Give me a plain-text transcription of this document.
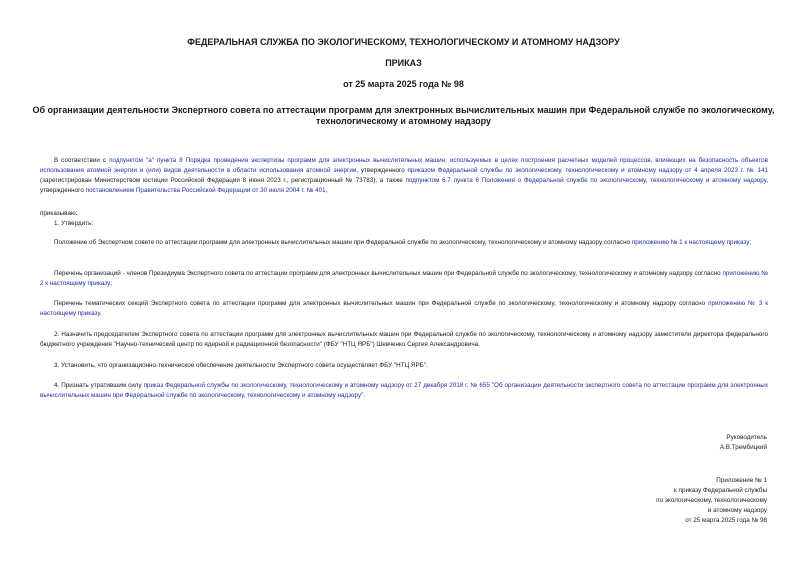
ФЕДЕРАЛЬНАЯ СЛУЖБА ПО ЭКОЛОГИЧЕСКОМУ, ТЕХНОЛОГИЧЕСКОМУ И АТОМНОМУ НАДЗОРУ
ПРИКАЗ
от 25 марта 2025 года № 98
Об организации деятельности Экспертного совета по аттестации программ для электронных вычислительных машин при Федеральной службе по экологическому, технологическому и атомному надзору
В соответствии с подпунктом "а" пункта 8 Порядка проведения экспертизы программ для электронных вычислительных машин, используемых в целях построения расчетных моделей процессов, влияющих на безопасность объектов использования атомной энергии и (или) видов деятельности в области использования атомной энергии, утвержденного приказом Федеральной службы по экологическому, технологическому и атомному надзору от 4 апреля 2023 г. № 141 (зарегистрирован Министерством юстиции Российской Федерации 8 июня 2023 г., регистрационный № 73783), а также подпунктом 6.7 пункта 6 Положения о Федеральной службе по экологическому, технологическому и атомному надзору, утвержденного постановлением Правительства Российской Федерации от 30 июля 2004 г. № 401,
приказываю:
1. Утвердить:
Положение об Экспертном совете по аттестации программ для электронных вычислительных машин при Федеральной службе по экологическому, технологическому и атомному надзору согласно приложению № 1 к настоящему приказу;
Перечень организаций - членов Президиума Экспертного совета по аттестации программ для электронных вычислительных машин при Федеральной службе по экологическому, технологическому и атомному надзору согласно приложению № 2 к настоящему приказу;
Перечень тематических секций Экспертного совета по аттестации программ для электронных вычислительных машин при Федеральной службе по экологическому, технологическому и атомному надзору согласно приложению № 3 к настоящему приказу.
2. Назначить председателем Экспертного совета по аттестации программ для электронных вычислительных машин при Федеральной службе по экологическому, технологическому и атомному надзору заместителя директора федерального бюджетного учреждения "Научно-технический центр по ядерной и радиационной безопасности" (ФБУ "НТЦ ЯРБ") Шевченко Сергея Александровича.
3. Установить, что организационно-техническое обеспечение деятельности Экспертного совета осуществляет ФБУ "НТЦ ЯРБ".
4. Признать утратившим силу приказ Федеральной службы по экологическому, технологическому и атомному надзору от 27 декабря 2018 г. № 655 "Об организации деятельности экспертного совета по аттестации программ для электронных вычислительных машин при Федеральной службе по экологическому, технологическому и атомному надзору".
Руководитель
А.В.Трембицкий
Приложение № 1
к приказу Федеральной службы
по экологическому, технологическому
и атомному надзору
от 25 марта 2025 года № 98
